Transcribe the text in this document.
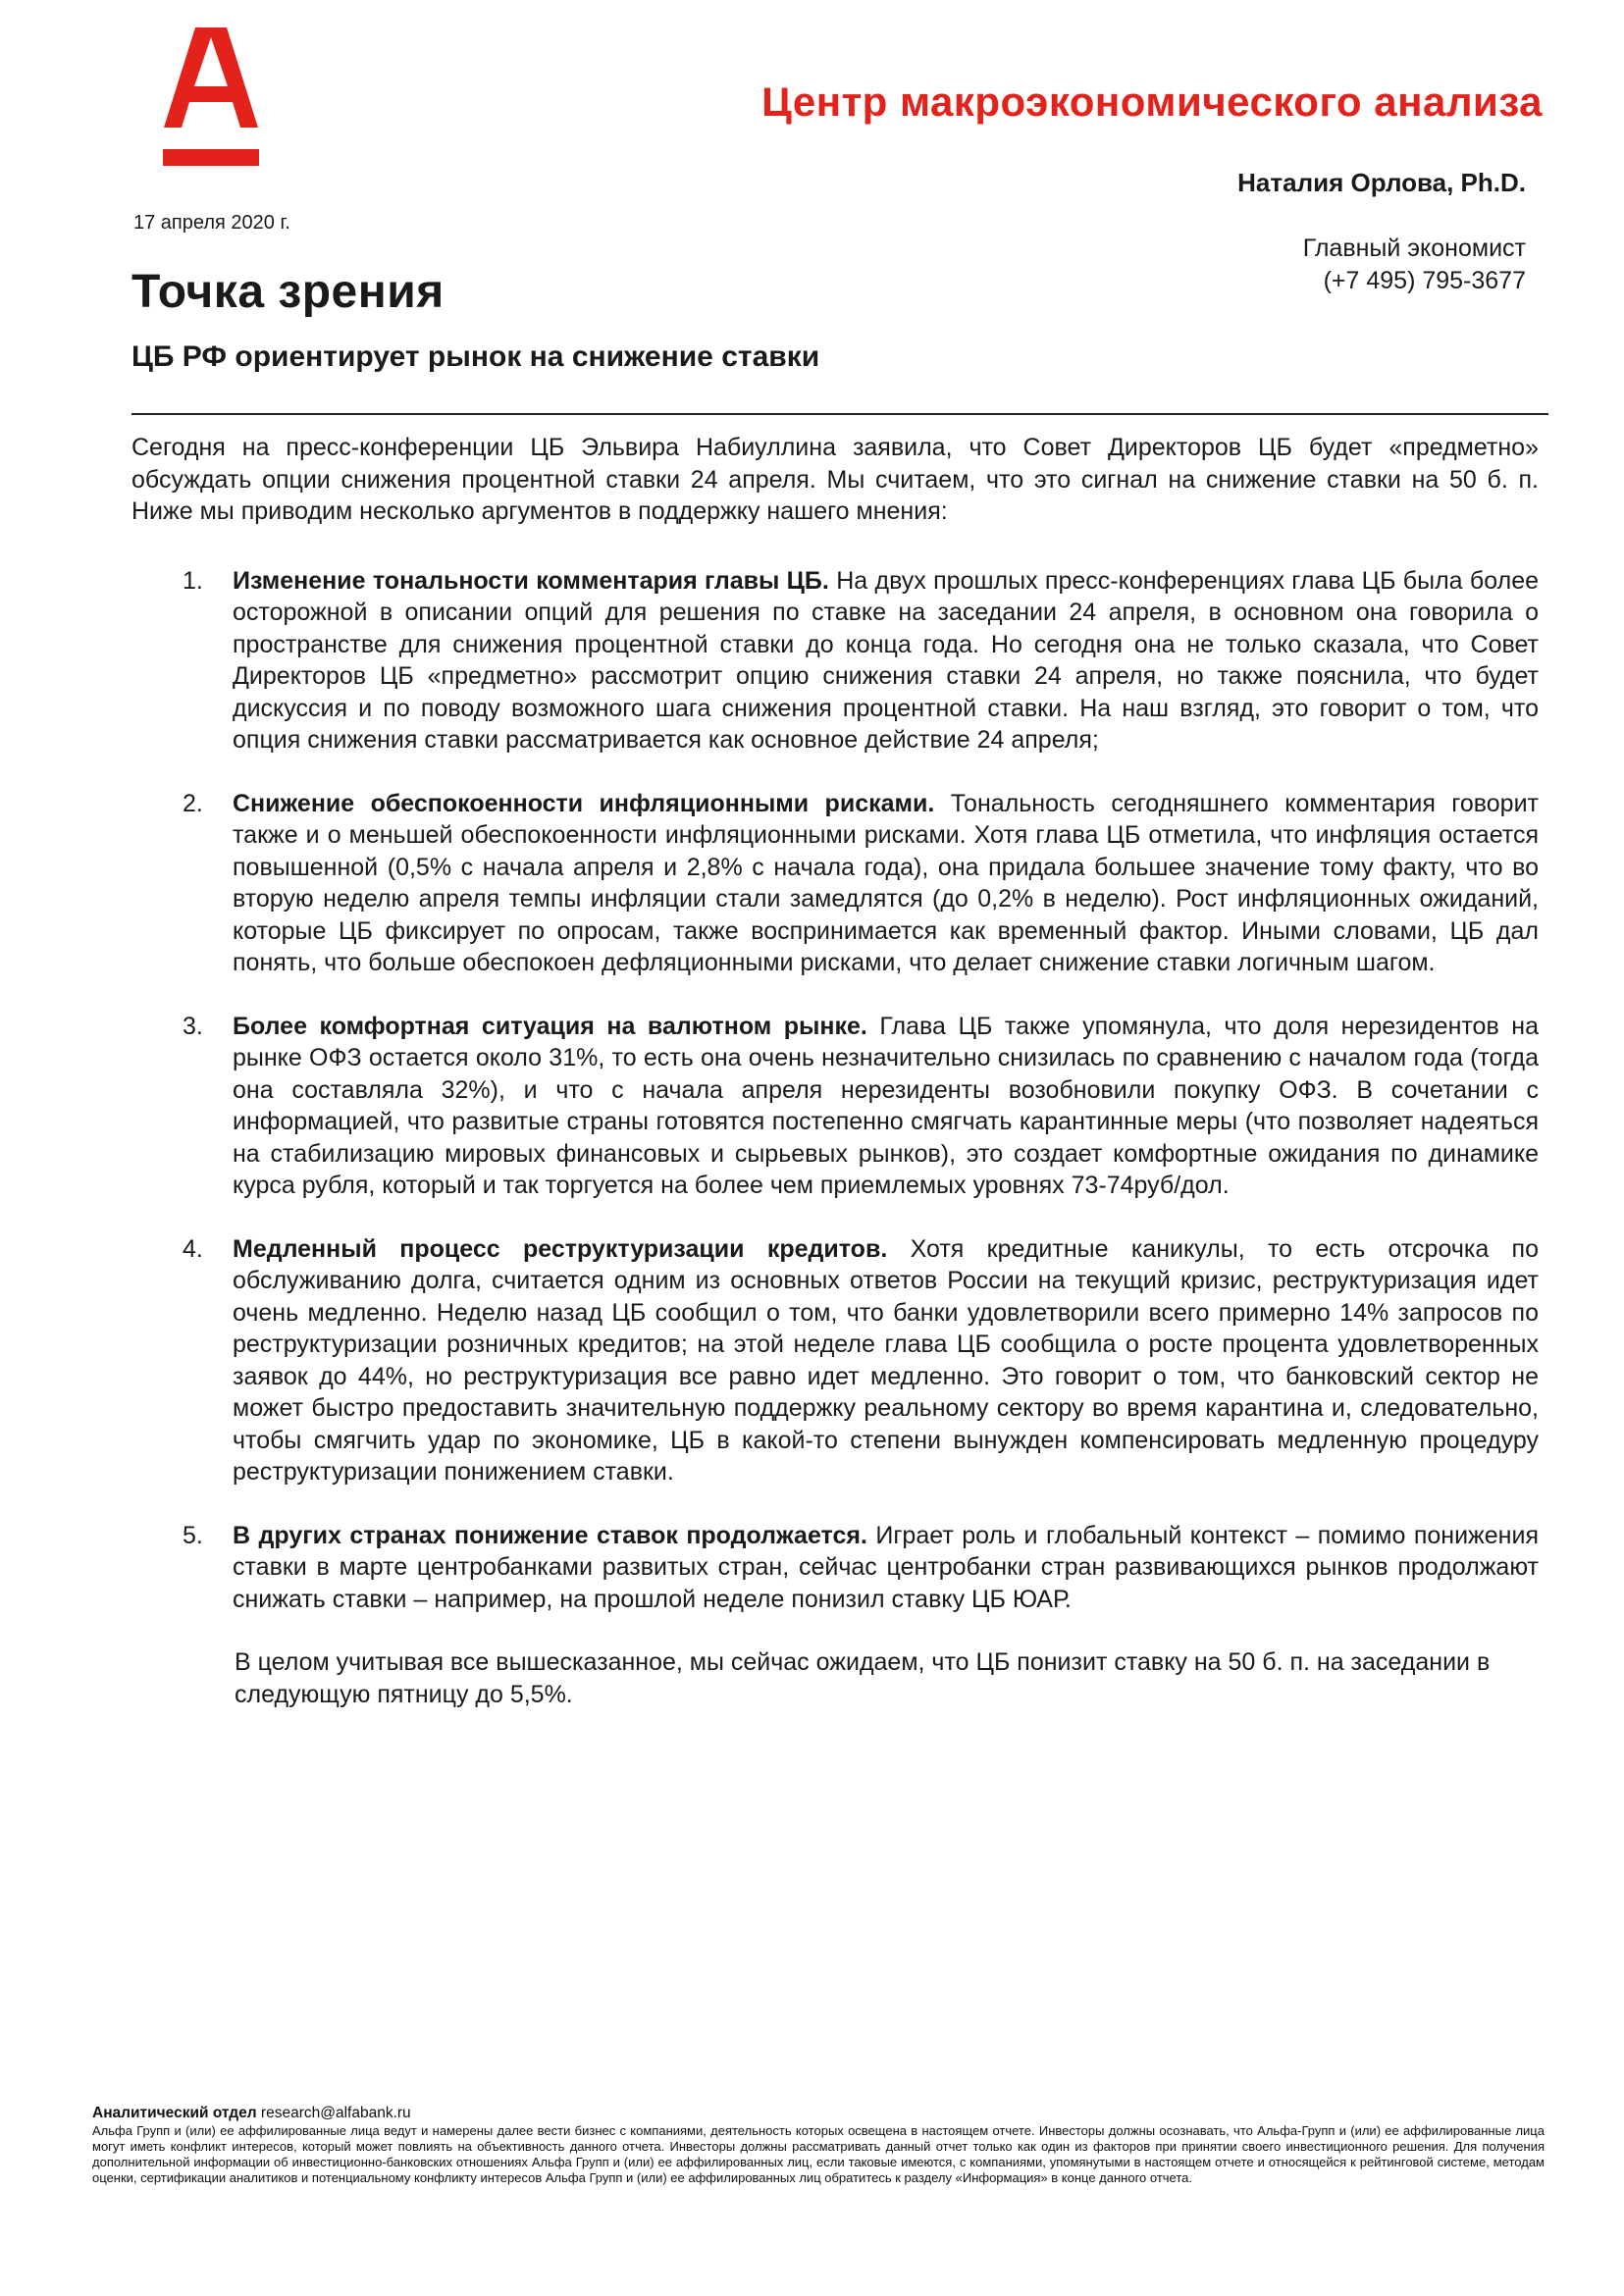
Центр макроэкономического анализа
Наталия Орлова, Ph.D.
Главный экономист
(+7 495) 795-3677
17 апреля 2020 г.
Точка зрения
ЦБ РФ ориентирует рынок на снижение ставки

Сегодня на пресс-конференции ЦБ Эльвира Набиуллина заявила, что Совет Директоров ЦБ будет «предметно» обсуждать опции снижения процентной ставки 24 апреля. Мы считаем, что это сигнал на снижение ставки на 50 б. п. Ниже мы приводим несколько аргументов в поддержку нашего мнения:

1. Изменение тональности комментария главы ЦБ. На двух прошлых пресс-конференциях глава ЦБ была более осторожной в описании опций для решения по ставке на заседании 24 апреля, в основном она говорила о пространстве для снижения процентной ставки до конца года. Но сегодня она не только сказала, что Совет Директоров ЦБ «предметно» рассмотрит опцию снижения ставки 24 апреля, но также пояснила, что будет дискуссия и по поводу возможного шага снижения процентной ставки. На наш взгляд, это говорит о том, что опция снижения ставки рассматривается как основное действие 24 апреля;
2. Снижение обеспокоенности инфляционными рисками. Тональность сегодняшнего комментария говорит также и о меньшей обеспокоенности инфляционными рисками. Хотя глава ЦБ отметила, что инфляция остается повышенной (0,5% с начала апреля и 2,8% с начала года), она придала большее значение тому факту, что во вторую неделю апреля темпы инфляции стали замедлятся (до 0,2% в неделю). Рост инфляционных ожиданий, которые ЦБ фиксирует по опросам, также воспринимается как временный фактор. Иными словами, ЦБ дал понять, что больше обеспокоен дефляционными рисками, что делает снижение ставки логичным шагом.
3. Более комфортная ситуация на валютном рынке. Глава ЦБ также упомянула, что доля нерезидентов на рынке ОФЗ остается около 31%, то есть она очень незначительно снизилась по сравнению с началом года (тогда она составляла 32%), и что с начала апреля нерезиденты возобновили покупку ОФЗ. В сочетании с информацией, что развитые страны готовятся постепенно смягчать карантинные меры (что позволяет надеяться на стабилизацию мировых финансовых и сырьевых рынков), это создает комфортные ожидания по динамике курса рубля, который и так торгуется на более чем приемлемых уровнях 73-74руб/дол.
4. Медленный процесс реструктуризации кредитов. Хотя кредитные каникулы, то есть отсрочка по обслуживанию долга, считается одним из основных ответов России на текущий кризис, реструктуризация идет очень медленно. Неделю назад ЦБ сообщил о том, что банки удовлетворили всего примерно 14% запросов по реструктуризации розничных кредитов; на этой неделе глава ЦБ сообщила о росте процента удовлетворенных заявок до 44%, но реструктуризация все равно идет медленно. Это говорит о том, что банковский сектор не может быстро предоставить значительную поддержку реальному сектору во время карантина и, следовательно, чтобы смягчить удар по экономике, ЦБ в какой-то степени вынужден компенсировать медленную процедуру реструктуризации понижением ставки.
5. В других странах понижение ставок продолжается. Играет роль и глобальный контекст – помимо понижения ставки в марте центробанками развитых стран, сейчас центробанки стран развивающихся рынков продолжают снижать ставки – например, на прошлой неделе понизил ставку ЦБ ЮАР.

В целом учитывая все вышесказанное, мы сейчас ожидаем, что ЦБ понизит ставку на 50 б. п. на заседании в следующую пятницу до 5,5%.

Аналитический отдел research@alfabank.ru
Альфа Групп и (или) ее аффилированные лица ведут и намерены далее вести бизнес с компаниями, деятельность которых освещена в настоящем отчете. Инвесторы должны осознавать, что Альфа-Групп и (или) ее аффилированные лица могут иметь конфликт интересов, который может повлиять на объективность данного отчета. Инвесторы должны рассматривать данный отчет только как один из факторов при принятии своего инвестиционного решения. Для получения дополнительной информации об инвестиционно-банковских отношениях Альфа Групп и (или) ее аффилированных лиц, если таковые имеются, с компаниями, упомянутыми в настоящем отчете и относящейся к рейтинговой системе, методам оценки, сертификации аналитиков и потенциальному конфликту интересов Альфа Групп и (или) ее аффилированных лиц обратитесь к разделу «Информация» в конце данного отчета.
